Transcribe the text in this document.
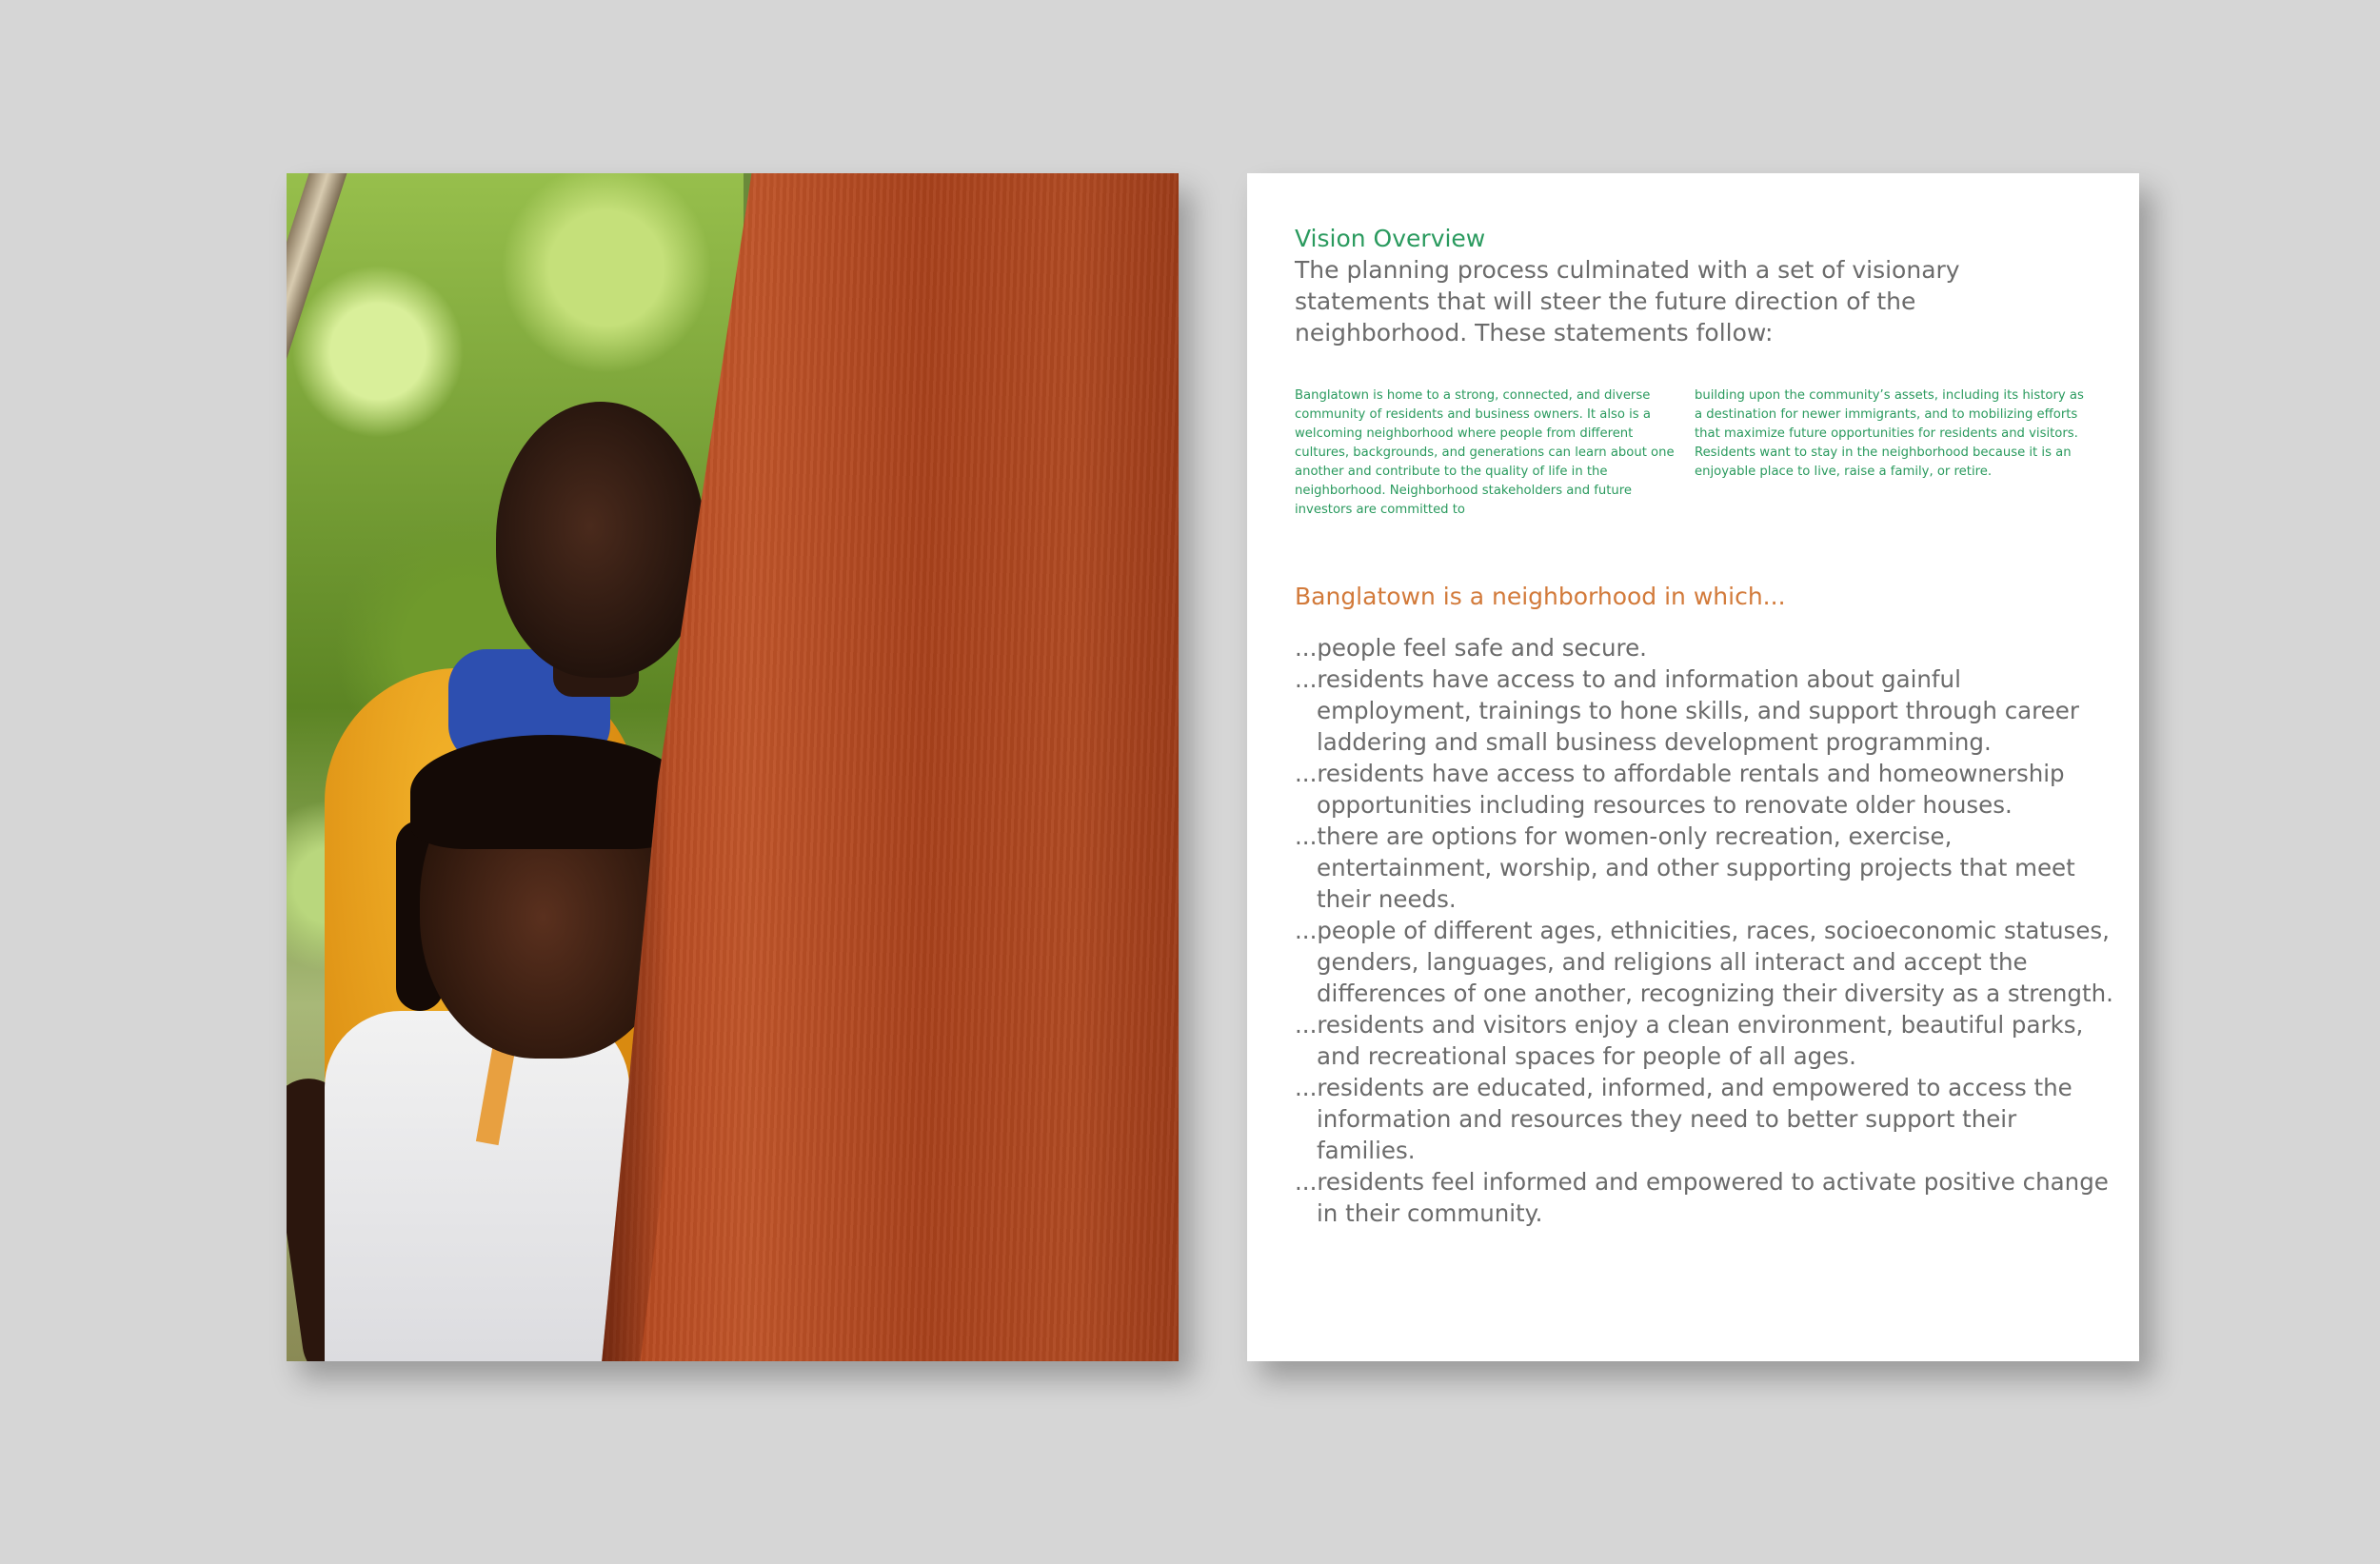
Vision Overview

The planning process culminated with a set of visionary statements that will steer the future direction of the neighborhood. These statements follow:

Banglatown is home to a strong, connected, and diverse community of residents and business owners. It also is a welcoming neighborhood where people from different cultures, backgrounds, and generations can learn about one another and contribute to the quality of life in the neighborhood. Neighborhood stakeholders and future investors are committed to

building upon the community’s assets, including its history as a destination for newer immigrants, and to mobilizing efforts that maximize future opportunities for residents and visitors. Residents want to stay in the neighborhood because it is an enjoyable place to live, raise a family, or retire.

Banglatown is a neighborhood in which...
...people feel safe and secure.
...residents have access to and information about gainful employment, trainings to hone skills, and support through career laddering and small business development programming.
...residents have access to affordable rentals and homeownership opportunities including resources to renovate older houses.
...there are options for women-only recreation, exercise, entertainment, worship, and other supporting projects that meet their needs.
...people of different ages, ethnicities, races, socioeconomic statuses, genders, languages, and religions all interact and accept the differences of one another, recognizing their diversity as a strength.
...residents and visitors enjoy a clean environment, beautiful parks, and recreational spaces for people of all ages.
...residents are educated, informed, and empowered to access the information and resources they need to better support their families.
...residents feel informed and empowered to activate positive change in their community.
